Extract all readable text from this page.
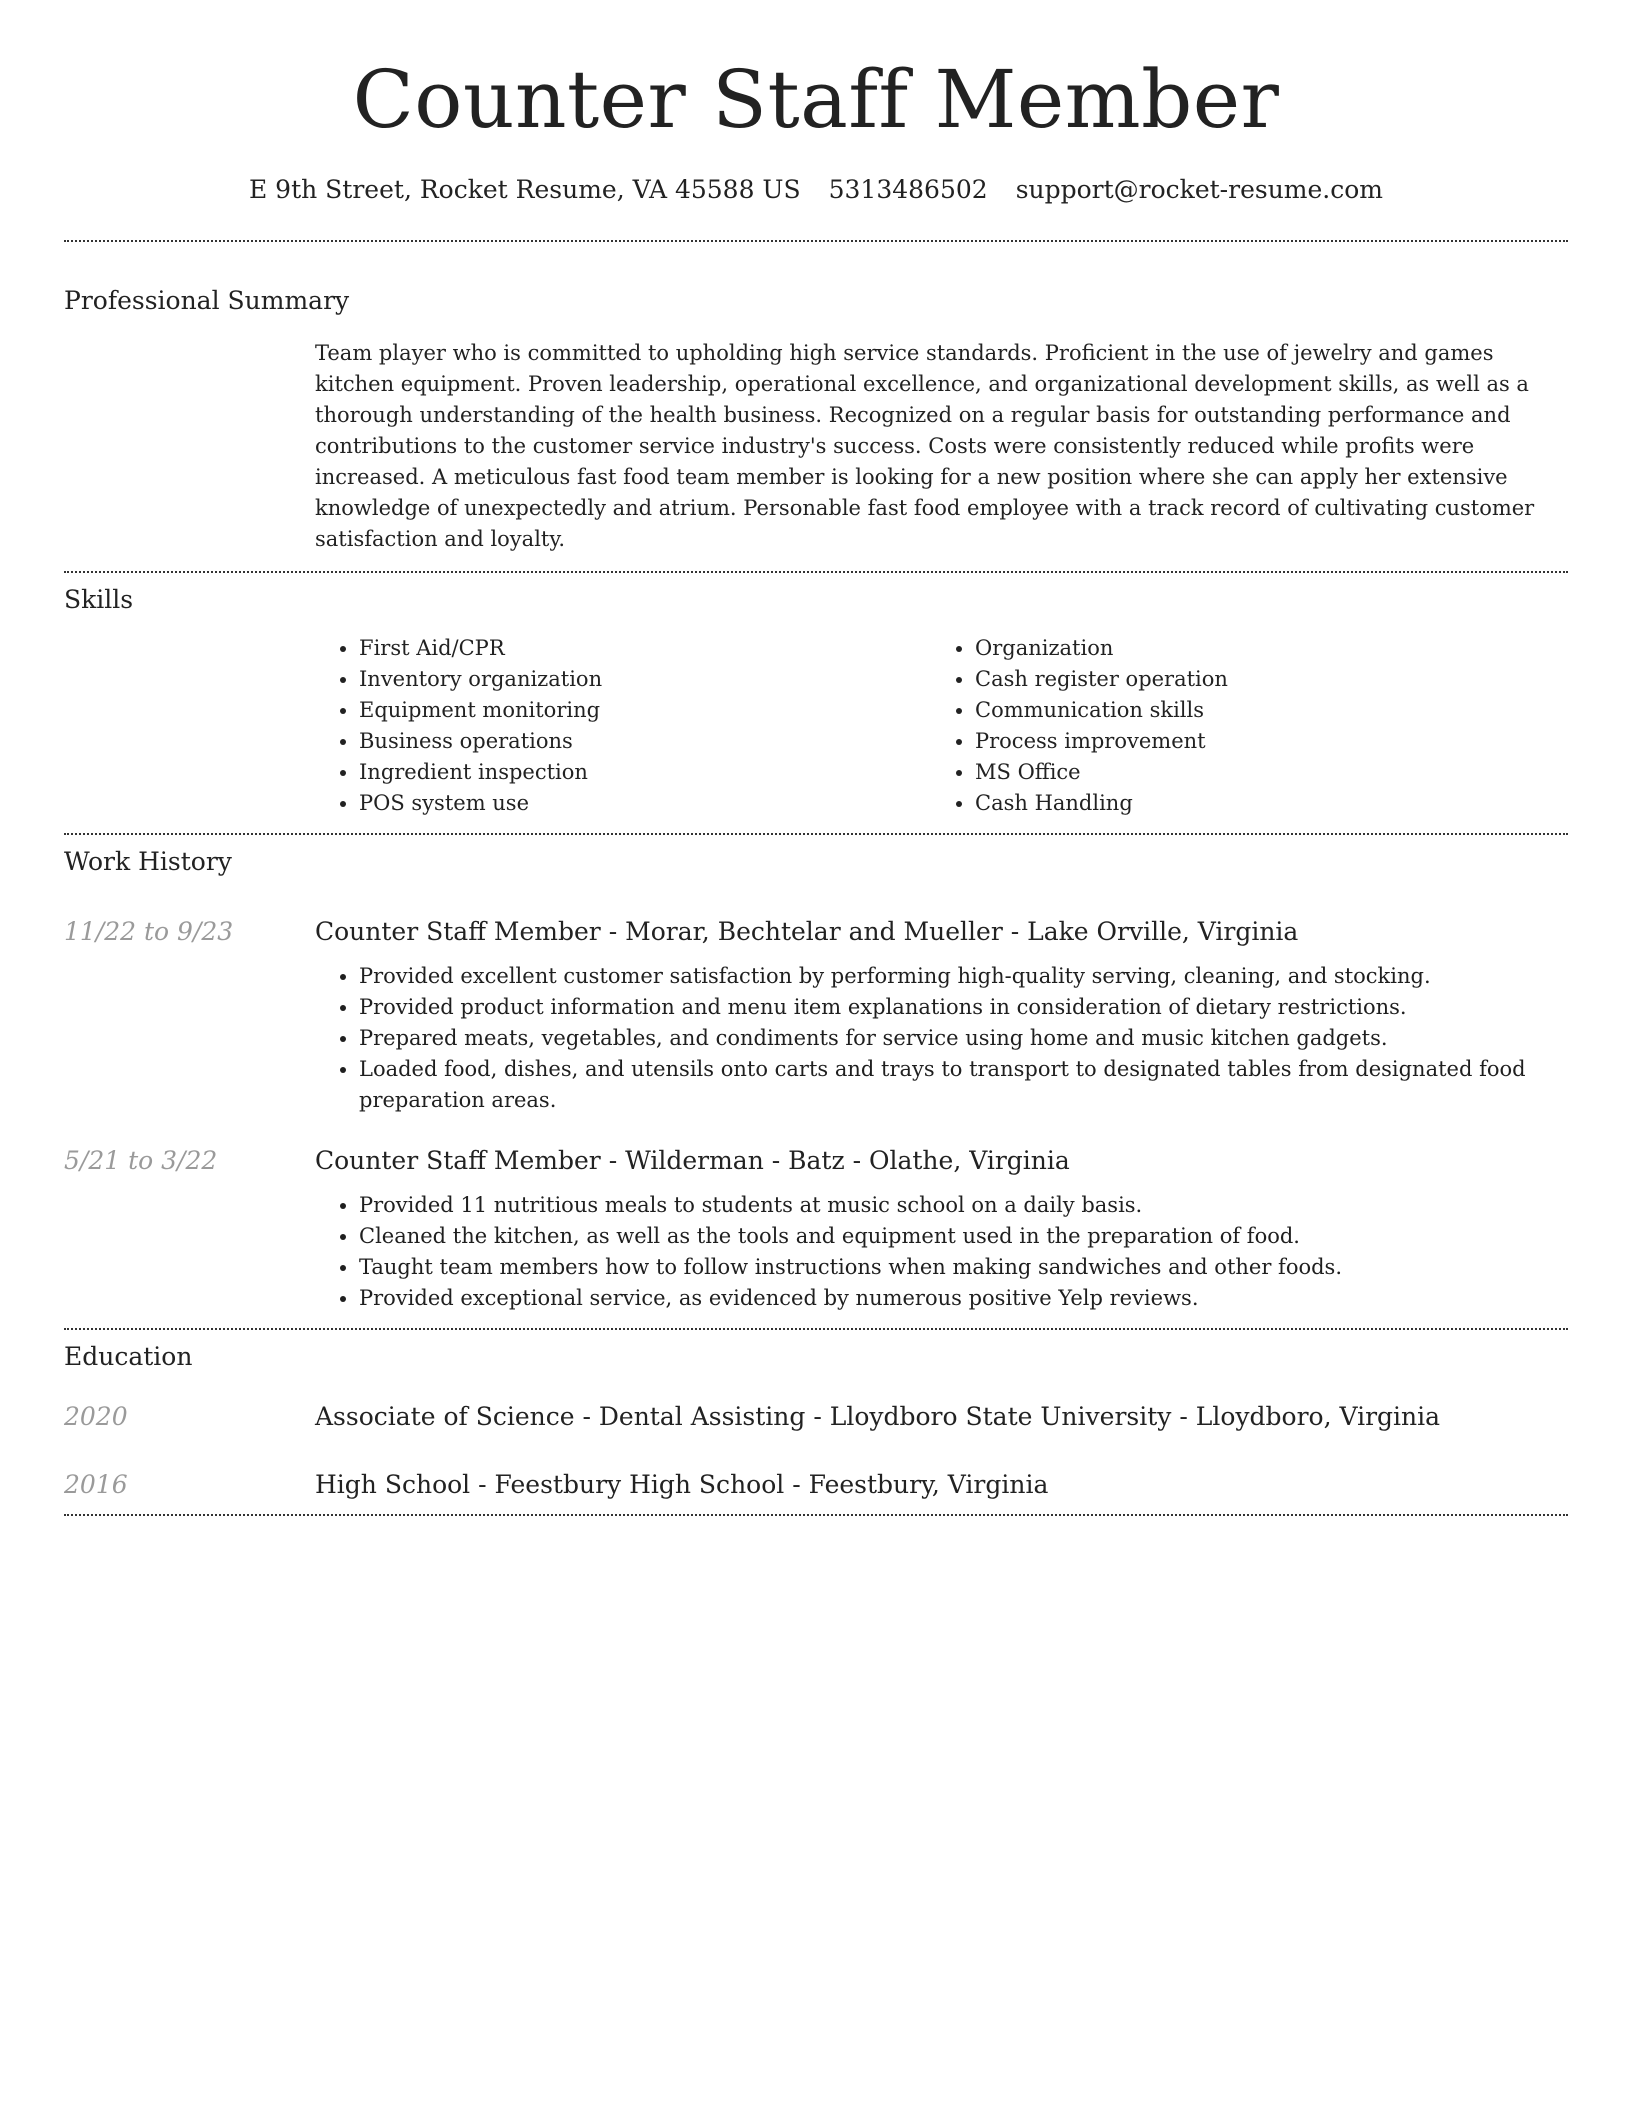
Counter Staff Member
E 9th Street, Rocket Resume, VA 45588 US 5313486502 support@rocket-resume.com
Professional Summary
Team player who is committed to upholding high service standards. Proficient in the use of jewelry and games kitchen equipment. Proven leadership, operational excellence, and organizational development skills, as well as a thorough understanding of the health business. Recognized on a regular basis for outstanding performance and contributions to the customer service industry's success. Costs were consistently reduced while profits were increased. A meticulous fast food team member is looking for a new position where she can apply her extensive knowledge of unexpectedly and atrium. Personable fast food employee with a track record of cultivating customer satisfaction and loyalty.
Skills
• First Aid/CPR
• Inventory organization
• Equipment monitoring
• Business operations
• Ingredient inspection
• POS system use
• Organization
• Cash register operation
• Communication skills
• Process improvement
• MS Office
• Cash Handling
Work History
11/22 to 9/23	Counter Staff Member - Morar, Bechtelar and Mueller - Lake Orville, Virginia
• Provided excellent customer satisfaction by performing high-quality serving, cleaning, and stocking.
• Provided product information and menu item explanations in consideration of dietary restrictions.
• Prepared meats, vegetables, and condiments for service using home and music kitchen gadgets.
• Loaded food, dishes, and utensils onto carts and trays to transport to designated tables from designated food preparation areas.
5/21 to 3/22	Counter Staff Member - Wilderman - Batz - Olathe, Virginia
• Provided 11 nutritious meals to students at music school on a daily basis.
• Cleaned the kitchen, as well as the tools and equipment used in the preparation of food.
• Taught team members how to follow instructions when making sandwiches and other foods.
• Provided exceptional service, as evidenced by numerous positive Yelp reviews.
Education
2020	Associate of Science - Dental Assisting - Lloydboro State University - Lloydboro, Virginia
2016	High School - Feestbury High School - Feestbury, Virginia
